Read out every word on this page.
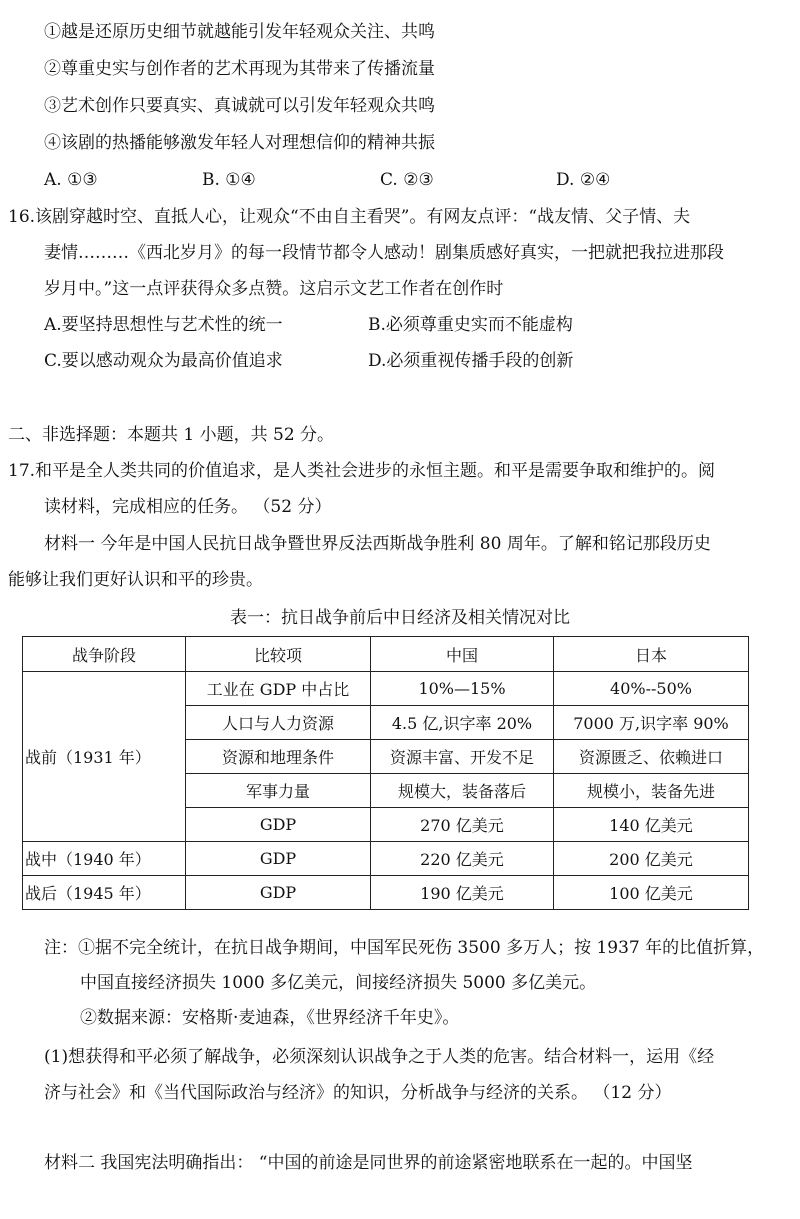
①越是还原历史细节就越能引发年轻观众关注、共鸣
②尊重史实与创作者的艺术再现为其带来了传播流量
③艺术创作只要真实、真诚就可以引发年轻观众共鸣
④该剧的热播能够激发年轻人对理想信仰的精神共振
A. ①③	B. ①④	C. ②③	D. ②④
16.该剧穿越时空、直抵人心，让观众“不由自主看哭”。有网友点评：“战友情、父子情、夫
妻情………《西北岁月》的每一段情节都令人感动！剧集质感好真实，一把就把我拉进那段
岁月中。”这一点评获得众多点赞。这启示文艺工作者在创作时
A.要坚持思想性与艺术性的统一	B.必须尊重史实而不能虚构
C.要以感动观众为最高价值追求	D.必须重视传播手段的创新
二、非选择题：本题共 1 小题，共 52 分。
17.和平是全人类共同的价值追求，是人类社会进步的永恒主题。和平是需要争取和维护的。阅
读材料，完成相应的任务。 （52 分）
材料一 今年是中国人民抗日战争暨世界反法西斯战争胜利 80 周年。了解和铭记那段历史
能够让我们更好认识和平的珍贵。
表一：抗日战争前后中日经济及相关情况对比
战争阶段	比较项	中国	日本
战前（1931 年）	工业在 GDP 中占比	10%—15%	40%--50%
	人口与人力资源	4.5 亿,识字率 20%	7000 万,识字率 90%
	资源和地理条件	资源丰富、开发不足	资源匮乏、依赖进口
	军事力量	规模大，装备落后	规模小，装备先进
	GDP	270 亿美元	140 亿美元
战中（1940 年）	GDP	220 亿美元	200 亿美元
战后（1945 年）	GDP	190 亿美元	100 亿美元
注：①据不完全统计，在抗日战争期间，中国军民死伤 3500 多万人；按 1937 年的比值折算，
中国直接经济损失 1000 多亿美元，间接经济损失 5000 多亿美元。
②数据来源：安格斯·麦迪森，《世界经济千年史》。
(1)想获得和平必须了解战争，必须深刻认识战争之于人类的危害。结合材料一，运用《经
济与社会》和《当代国际政治与经济》的知识，分析战争与经济的关系。 （12 分）
材料二 我国宪法明确指出： “中国的前途是同世界的前途紧密地联系在一起的。中国坚
